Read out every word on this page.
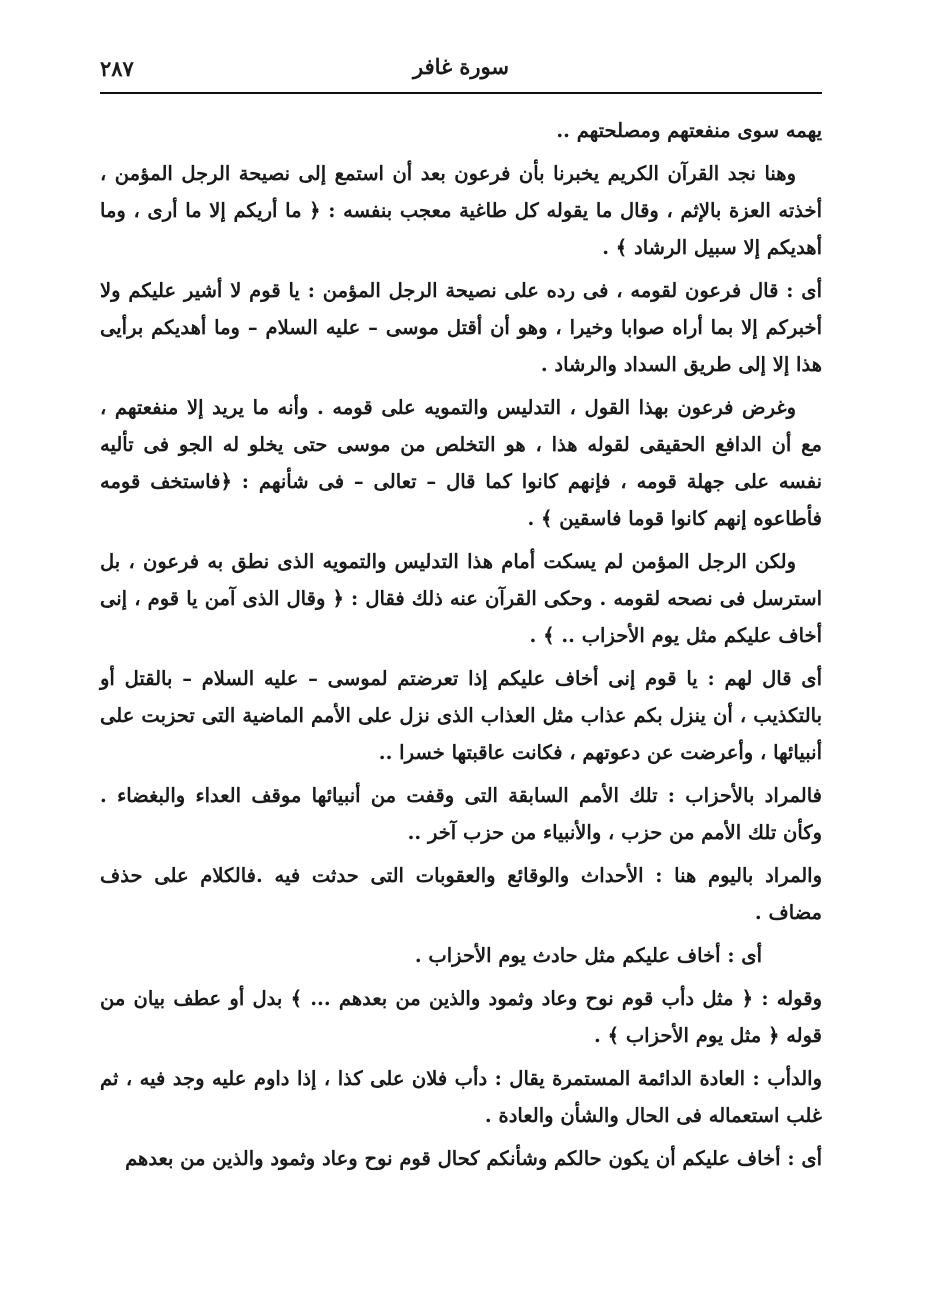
٢٨٧	سورة غافر

يهمه سوى منفعتهم ومصلحتهم ..

وهنا نجد القرآن الكريم يخبرنا بأن فرعون بعد أن استمع إلى نصيحة الرجل المؤمن ، أخذته العزة بالإثم ، وقال ما يقوله كل طاغية معجب بنفسه : ﴿ ما أريكم إلا ما أرى ، وما أهديكم إلا سبيل الرشاد ﴾ .

أى : قال فرعون لقومه ، فى رده على نصيحة الرجل المؤمن : يا قوم لا أشير عليكم ولا أخبركم إلا بما أراه صوابا وخيرا ، وهو أن أقتل موسى – عليه السلام – وما أهديكم برأيى هذا إلا إلى طريق السداد والرشاد .

وغرض فرعون بهذا القول ، التدليس والتمويه على قومه . وأنه ما يريد إلا منفعتهم ، مع أن الدافع الحقيقى لقوله هذا ، هو التخلص من موسى حتى يخلو له الجو فى تأليه نفسه على جهلة قومه ، فإنهم كانوا كما قال – تعالى – فى شأنهم : ﴿فاستخف قومه فأطاعوه إنهم كانوا قوما فاسقين ﴾ .

ولكن الرجل المؤمن لم يسكت أمام هذا التدليس والتمويه الذى نطق به فرعون ، بل استرسل فى نصحه لقومه . وحكى القرآن عنه ذلك فقال : ﴿ وقال الذى آمن يا قوم ، إنى أخاف عليكم مثل يوم الأحزاب .. ﴾ .

أى قال لهم : يا قوم إنى أخاف عليكم إذا تعرضتم لموسى – عليه السلام – بالقتل أو بالتكذيب ، أن ينزل بكم عذاب مثل العذاب الذى نزل على الأمم الماضية التى تحزبت على أنبيائها ، وأعرضت عن دعوتهم ، فكانت عاقبتها خسرا ..

فالمراد بالأحزاب : تلك الأمم السابقة التى وقفت من أنبيائها موقف العداء والبغضاء . وكأن تلك الأمم من حزب ، والأنبياء من حزب آخر ..

والمراد باليوم هنا : الأحداث والوقائع والعقوبات التى حدثت فيه .فالكلام على حذف مضاف .

أى : أخاف عليكم مثل حادث يوم الأحزاب .

وقوله : ﴿ مثل دأب قوم نوح وعاد وثمود والذين من بعدهم ... ﴾ بدل أو عطف بيان من قوله ﴿ مثل يوم الأحزاب ﴾ .

والدأب : العادة الدائمة المستمرة يقال : دأب فلان على كذا ، إذا داوم عليه وجد فيه ، ثم غلب استعماله فى الحال والشأن والعادة .

أى : أخاف عليكم أن يكون حالكم وشأنكم كحال قوم نوح وعاد وثمود والذين من بعدهم
